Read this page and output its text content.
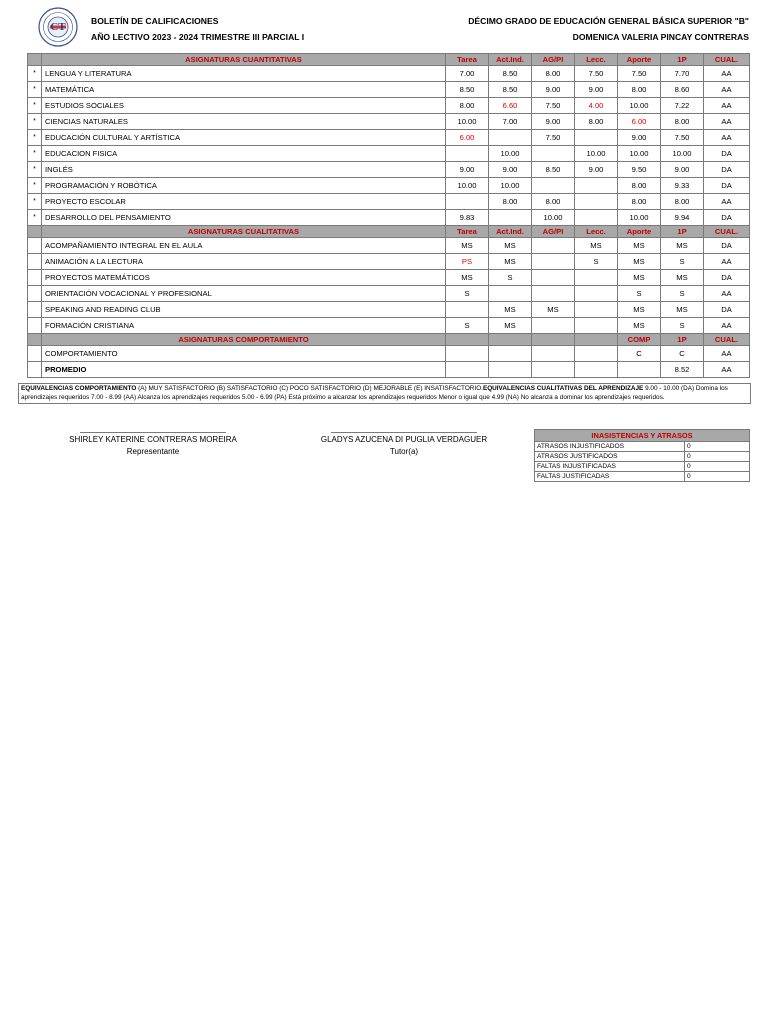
CT	BOLETÍN DE CALIFICACIONES
AÑO LECTIVO 2023 - 2024 TRIMESTRE III PARCIAL I
DÉCIMO GRADO DE EDUCACIÓN GENERAL BÁSICA SUPERIOR "B"
DOMENICA VALERIA PINCAY CONTRERAS
	ASIGNATURAS CUANTITATIVAS	Tarea	Act.Ind.	AG/PI	Lecc.	Aporte	1P	CUAL.
*	LENGUA Y LITERATURA	7.00	8.50	8.00	7.50	7.50	7.70	AA
*	MATEMÁTICA	8.50	8.50	9.00	9.00	8.00	8.60	AA
*	ESTUDIOS SOCIALES	8.00	6.60	7.50	4.00	10.00	7.22	AA
*	CIENCIAS NATURALES	10.00	7.00	9.00	8.00	6.00	8.00	AA
*	EDUCACIÓN CULTURAL Y ARTÍSTICA	6.00		7.50		9.00	7.50	AA
*	EDUCACION FISICA		10.00		10.00	10.00	10.00	DA
*	INGLÉS	9.00	9.00	8.50	9.00	9.50	9.00	DA
*	PROGRAMACIÓN Y ROBÓTICA	10.00	10.00			8.00	9.33	DA
*	PROYECTO ESCOLAR		8.00	8.00		8.00	8.00	AA
*	DESARROLLO DEL PENSAMIENTO	9.83		10.00		10.00	9.94	DA
	ASIGNATURAS CUALITATIVAS	Tarea	Act.Ind.	AG/PI	Lecc.	Aporte	1P	CUAL.
	ACOMPAÑAMIENTO INTEGRAL EN EL AULA	MS	MS		MS	MS	MS	DA
	ANIMACIÓN A LA LECTURA	PS	MS		S	MS	S	AA
	PROYECTOS MATEMÁTICOS	MS	S			MS	MS	DA
	ORIENTACIÓN VOCACIONAL Y PROFESIONAL	S				S	S	AA
	SPEAKING AND READING CLUB		MS	MS		MS	MS	DA
	FORMACIÓN CRISTIANA	S	MS			MS	S	AA
	ASIGNATURAS COMPORTAMIENTO					COMP	1P	CUAL.
	COMPORTAMIENTO					C	C	AA
	PROMEDIO						8.52	AA
EQUIVALENCIAS COMPORTAMIENTO (A) MUY SATISFACTORIO (B) SATISFACTORIO (C) POCO SATISFACTORIO (D) MEJORABLE (E) INSATISFACTORIO.EQUIVALENCIAS CUALITATIVAS DEL APRENDIZAJE 9.00 - 10.00 (DA) Domina los aprendizajes requeridos 7.00 - 8.99 (AA) Alcanza los aprendizajes requeridos 5.00 - 6.99 (PA) Está próximo a alcanzar los aprendizajes requeridos Menor o igual que 4.99 (NA) No alcanza a dominar los aprendizajes requeridos.
SHIRLEY KATERINE CONTRERAS MOREIRA
Representante
GLADYS AZUCENA DI PUGLIA VERDAGUER
Tutor(a)
INASISTENCIAS Y ATRASOS	
ATRASOS INJUSTIFICADOS	0
ATRASOS JUSTIFICADOS	0
FALTAS INJUSTIFICADAS	0
FALTAS JUSTIFICADAS	0
